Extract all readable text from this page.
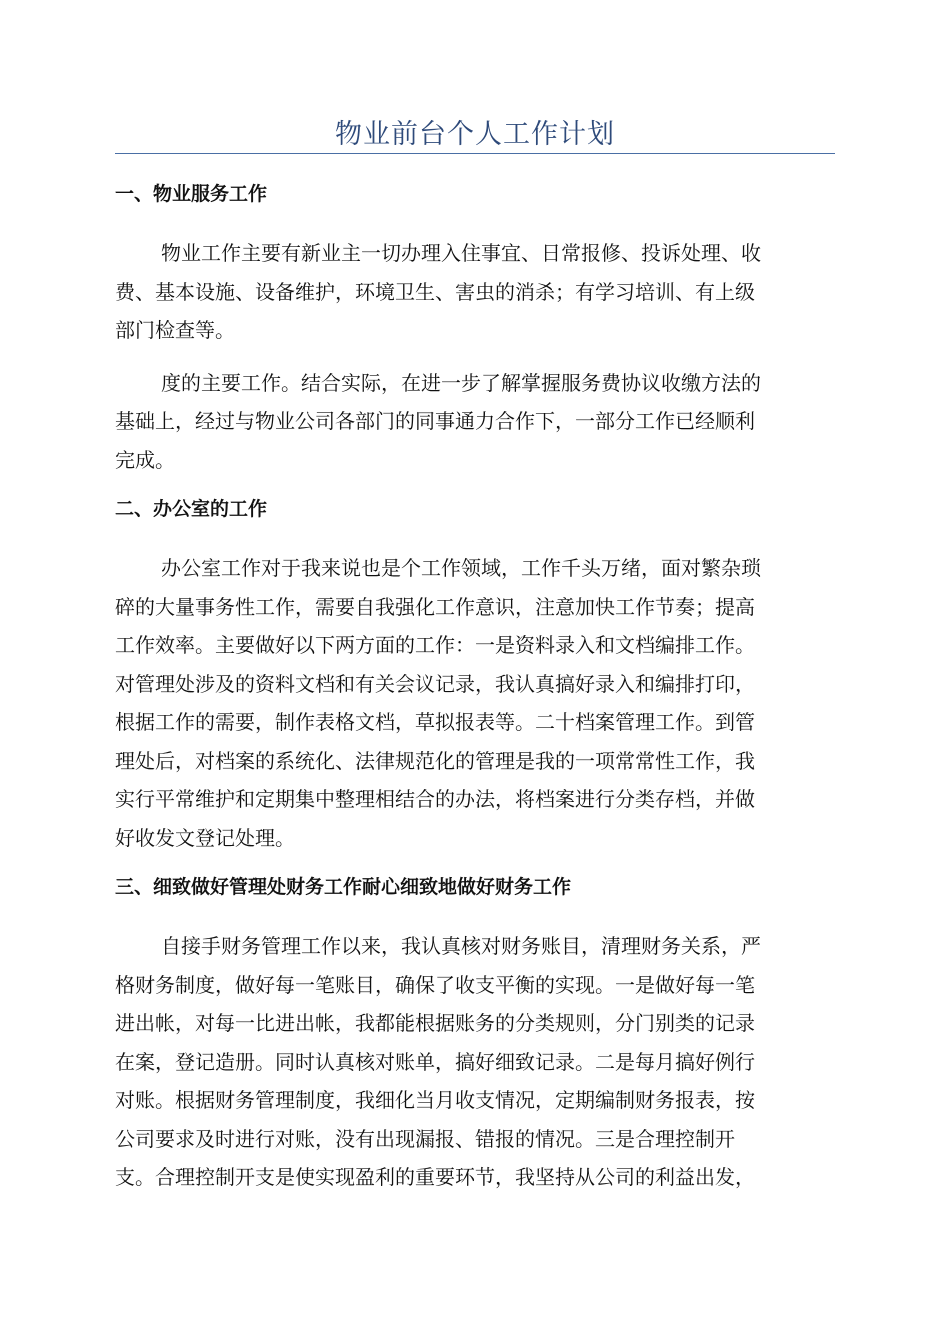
物业前台个人工作计划
一、物业服务工作
物业工作主要有新业主一切办理入住事宜、日常报修、投诉处理、收
费、基本设施、设备维护，环境卫生、害虫的消杀；有学习培训、有上级
部门检查等。
度的主要工作。结合实际，在进一步了解掌握服务费协议收缴方法的
基础上，经过与物业公司各部门的同事通力合作下，一部分工作已经顺利
完成。
二、办公室的工作
办公室工作对于我来说也是个工作领域，工作千头万绪，面对繁杂琐
碎的大量事务性工作，需要自我强化工作意识，注意加快工作节奏；提高
工作效率。主要做好以下两方面的工作：一是资料录入和文档编排工作。
对管理处涉及的资料文档和有关会议记录，我认真搞好录入和编排打印，
根据工作的需要，制作表格文档，草拟报表等。二十档案管理工作。到管
理处后，对档案的系统化、法律规范化的管理是我的一项常常性工作，我
实行平常维护和定期集中整理相结合的办法，将档案进行分类存档，并做
好收发文登记处理。
三、细致做好管理处财务工作耐心细致地做好财务工作
自接手财务管理工作以来，我认真核对财务账目，清理财务关系，严
格财务制度，做好每一笔账目，确保了收支平衡的实现。一是做好每一笔
进出帐，对每一比进出帐，我都能根据账务的分类规则，分门别类的记录
在案，登记造册。同时认真核对账单，搞好细致记录。二是每月搞好例行
对账。根据财务管理制度，我细化当月收支情况，定期编制财务报表，按
公司要求及时进行对账，没有出现漏报、错报的情况。三是合理控制开
支。合理控制开支是使实现盈利的重要环节，我坚持从公司的利益出发，
